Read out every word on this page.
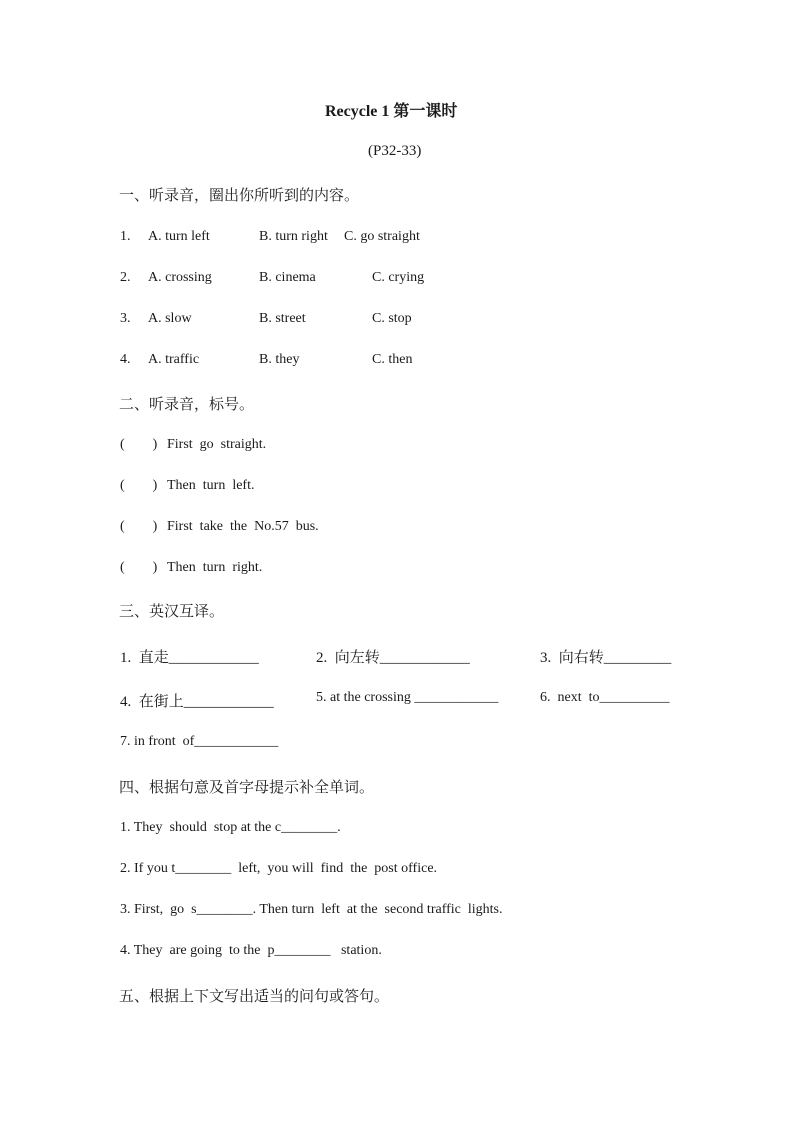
Recycle 1 第一课时
(P32-33)
一、听录音，圈出你所听到的内容。
1. A. turn left	B. turn right C. go straight
2. A. crossing	B. cinema	C. crying
3. A. slow	B. street	C. stop
4. A. traffic	B. they	C. then
二、听录音，标号。
(        ) First  go  straight.
(        ) Then  turn  left.
(        ) First  take  the  No.57  bus.
(        ) Then  turn  right.
三、英汉互译。
1.  直走____________	2.  向左转____________	3.  向右转_________
4.  在街上____________	5. at the crossing ____________	6.  next  to__________
7. in front  of____________
四、根据句意及首字母提示补全单词。
1. They  should  stop at the c________.
2. If you t________  left,  you will  find  the  post office.
3. First,  go  s________. Then turn  left  at the  second traffic  lights.
4. They  are going  to the  p________   station.
五、根据上下文写出适当的问句或答句。
